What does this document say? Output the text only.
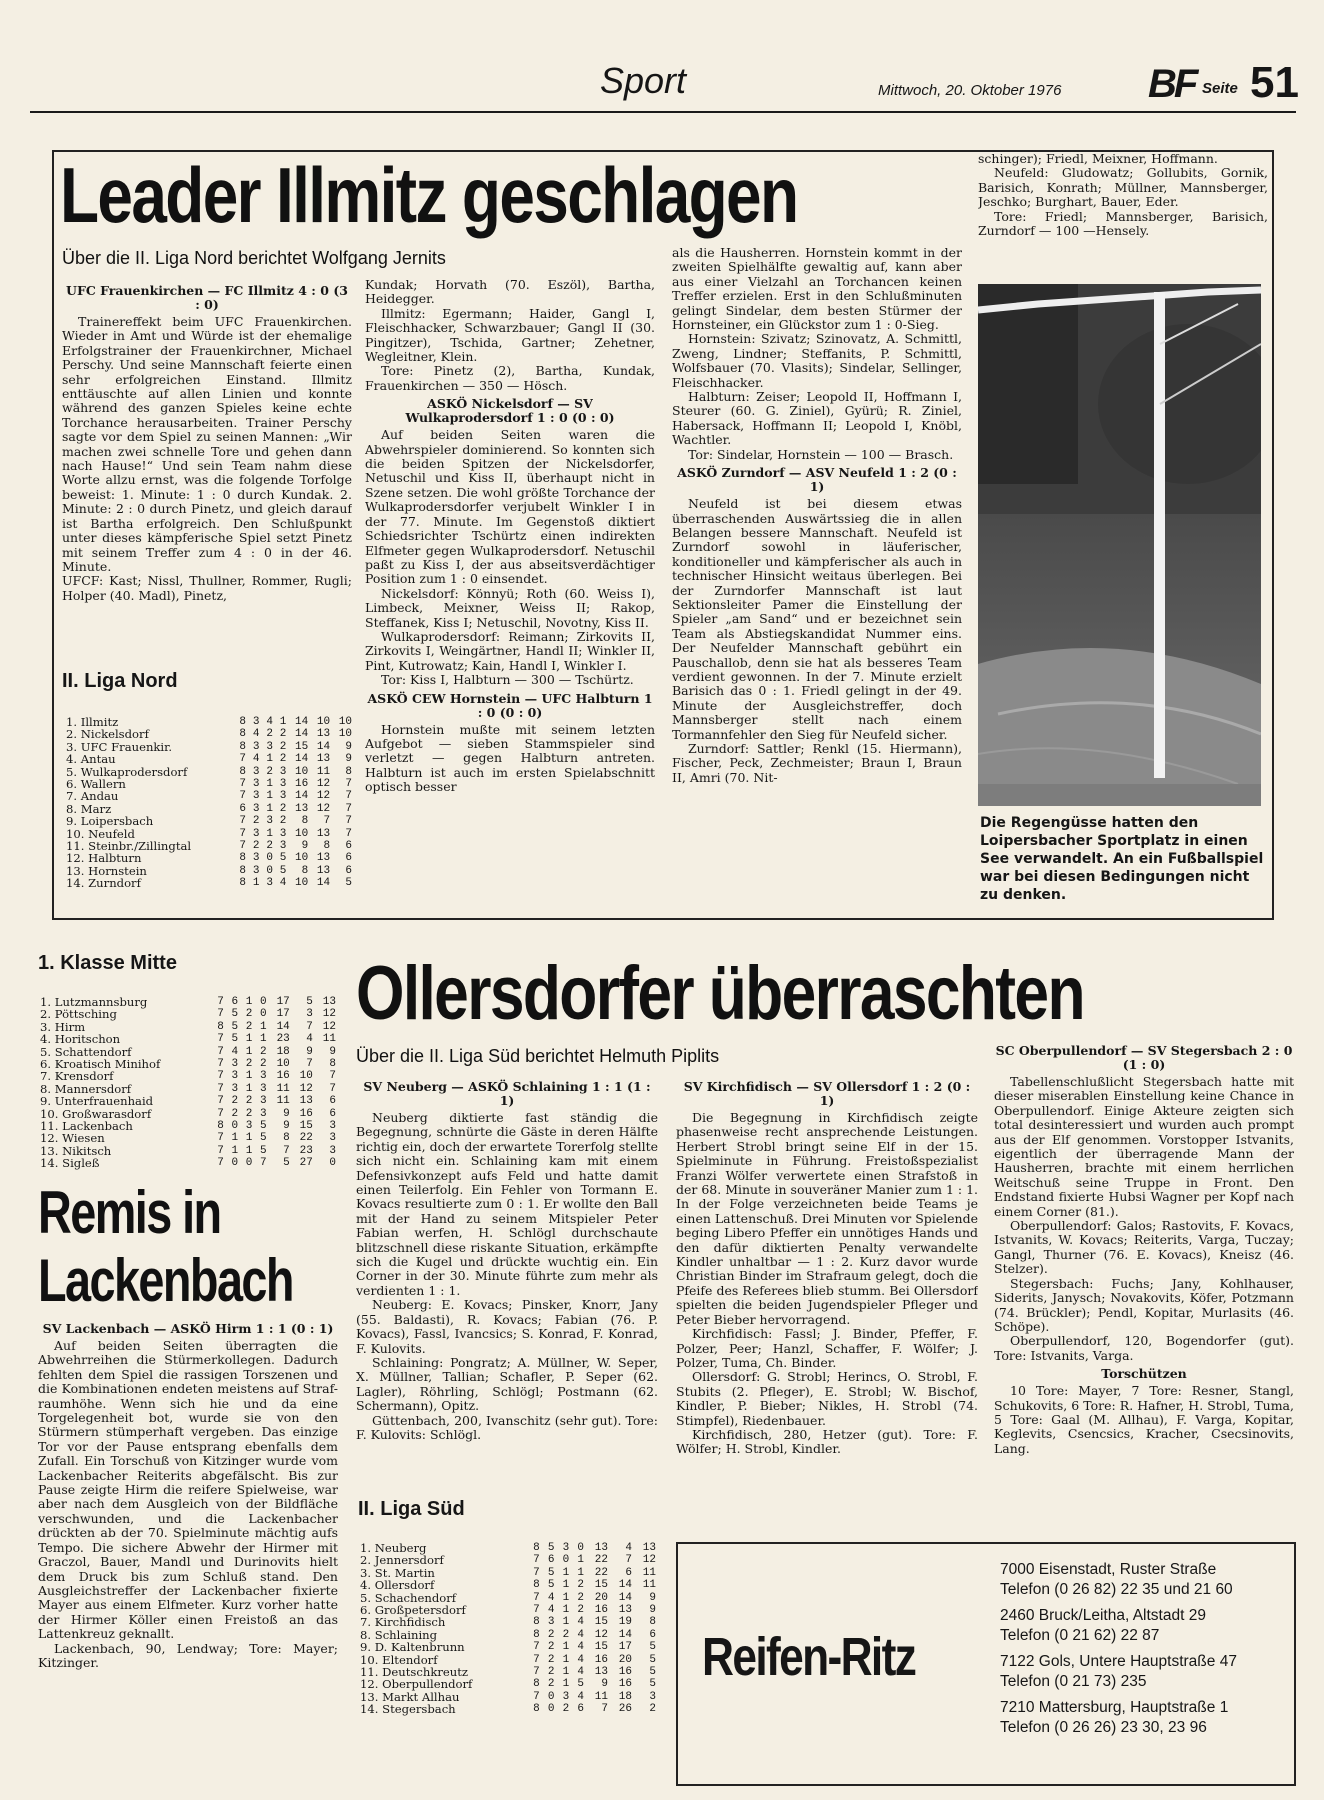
Sport	Mittwoch, 20. Oktober 1976 BF Seite 51
Leader Illmitz geschlagen
Über die II. Liga Nord berichtet Wolfgang Jernits

UFC Frauenkirchen — FC Illmitz 4 : 0 (3 : 0)

Trainereffekt beim UFC Frauenkirchen. Wieder in Amt und Würde ist der ehemalige Erfolgstrainer der Frauenkirchner, Michael Perschy. Und seine Mannschaft feierte einen sehr erfolgreichen Einstand. Illmitz enttäuschte auf allen Linien und konnte während des ganzen Spieles keine echte Torchance herausarbeiten. Trainer Perschy sagte vor dem Spiel zu seinen Mannen: „Wir machen zwei schnelle Tore und gehen dann nach Hause!“ Und sein Team nahm diese Worte allzu ernst, was die folgende Torfolge beweist: 1. Minute: 1 : 0 durch Kundak. 2. Minute: 2 : 0 durch Pinetz, und gleich darauf ist Bartha erfolgreich. Den Schlußpunkt unter dieses kämpferische Spiel setzt Pinetz mit seinem Treffer zum 4 : 0 in der 46. Minute.

UFCF: Kast; Nissl, Thullner, Rommer, Rugli; Holper (40. Madl), Pinetz,

II. Liga Nord
1. Illmitz	8	3	4	1	14	10	10
2. Nickelsdorf	8	4	2	2	14	13	10
3. UFC Frauenkir.	8	3	3	2	15	14	9
4. Antau	7	4	1	2	14	13	9
5. Wulkaprodersdorf	8	3	2	3	10	11	8
6. Wallern	7	3	1	3	16	12	7
7. Andau	7	3	1	3	14	12	7
8. Marz	6	3	1	2	13	12	7
9. Loipersbach	7	2	3	2	8	7	7
10. Neufeld	7	3	1	3	10	13	7
11. Steinbr./Zillingtal	7	2	2	3	9	8	6
12. Halbturn	8	3	0	5	10	13	6
13. Hornstein	8	3	0	5	8	13	6
14. Zurndorf	8	1	3	4	10	14	5

Kundak; Horvath (70. Eszöl), Bartha, Heidegger.

Illmitz: Egermann; Haider, Gangl I, Fleischhacker, Schwarzbauer; Gangl II (30. Pingitzer), Tschida, Gartner; Zehetner, Wegleitner, Klein.

Tore: Pinetz (2), Bartha, Kundak, Frauenkirchen — 350 — Hösch.

ASKÖ Nickelsdorf — SV Wulkaprodersdorf 1 : 0 (0 : 0)

Auf beiden Seiten waren die Abwehrspieler dominierend. So konnten sich die beiden Spitzen der Nickelsdorfer, Netuschil und Kiss II, überhaupt nicht in Szene setzen. Die wohl größte Torchance der Wulkaprodersdorfer verjubelt Winkler I in der 77. Minute. Im Gegenstoß diktiert Schiedsrichter Tschürtz einen indirekten Elfmeter gegen Wulkaprodersdorf. Netuschil paßt zu Kiss I, der aus abseitsverdächtiger Position zum 1 : 0 einsendet.

Nickelsdorf: Könnyü; Roth (60. Weiss I), Limbeck, Meixner, Weiss II; Rakop, Steffanek, Kiss I; Netuschil, Novotny, Kiss II.

Wulkaprodersdorf: Reimann; Zirkovits II, Zirkovits I, Weingärtner, Handl II; Winkler II, Pint, Kutrowatz; Kain, Handl I, Winkler I.

Tor: Kiss I, Halbturn — 300 — Tschürtz.

ASKÖ CEW Hornstein — UFC Halbturn 1 : 0 (0 : 0)

Hornstein mußte mit seinem letzten Aufgebot — sieben Stammspieler sind verletzt — gegen Halbturn antreten. Halbturn ist auch im ersten Spielabschnitt optisch besser

als die Hausherren. Hornstein kommt in der zweiten Spielhälfte gewaltig auf, kann aber aus einer Vielzahl an Torchancen keinen Treffer erzielen. Erst in den Schlußminuten gelingt Sindelar, dem besten Stürmer der Hornsteiner, ein Glückstor zum 1 : 0-Sieg.

Hornstein: Szivatz; Szinovatz, A. Schmittl, Zweng, Lindner; Steffanits, P. Schmittl, Wolfsbauer (70. Vlasits); Sindelar, Sellinger, Fleischhacker.

Halbturn: Zeiser; Leopold II, Hoffmann I, Steurer (60. G. Ziniel), Gyürü; R. Ziniel, Habersack, Hoffmann II; Leopold I, Knöbl, Wachtler.

Tor: Sindelar, Hornstein — 100 — Brasch.

ASKÖ Zurndorf — ASV Neufeld 1 : 2 (0 : 1)

Neufeld ist bei diesem etwas überraschenden Auswärtssieg die in allen Belangen bessere Mannschaft. Neufeld ist Zurndorf sowohl in läuferischer, konditioneller und kämpferischer als auch in technischer Hinsicht weitaus überlegen. Bei der Zurndorfer Mannschaft ist laut Sektionsleiter Pamer die Einstellung der Spieler „am Sand“ und er bezeichnet sein Team als Abstiegskandidat Nummer eins. Der Neufelder Mannschaft gebührt ein Pauschallob, denn sie hat als besseres Team verdient gewonnen. In der 7. Minute erzielt Barisich das 0 : 1. Friedl gelingt in der 49. Minute der Ausgleichstreffer, doch Mannsberger stellt nach einem Tormannfehler den Sieg für Neufeld sicher.

Zurndorf: Sattler; Renkl (15. Hiermann), Fischer, Peck, Zechmeister; Braun I, Braun II, Amri (70. Nit-

schinger); Friedl, Meixner, Hoffmann.

Neufeld: Gludowatz; Gollubits, Gornik, Barisich, Konrath; Müllner, Mannsberger, Jeschko; Burghart, Bauer, Eder.

Tore: Friedl; Mannsberger, Barisich, Zurndorf — 100 —Hensely.

Die Regengüsse hatten den Loipersbacher Sportplatz in einen See verwandelt. An ein Fußballspiel war bei diesen Bedingungen nicht zu denken.
1. Klasse Mitte
1. Lutzmannsburg	7	6	1	0	17	5	13
2. Pöttsching	7	5	2	0	17	3	12
3. Hirm	8	5	2	1	14	7	12
4. Horitschon	7	5	1	1	23	4	11
5. Schattendorf	7	4	1	2	18	9	9
6. Kroatisch Minihof	7	3	2	2	10	7	8
7. Krensdorf	7	3	1	3	16	10	7
8. Mannersdorf	7	3	1	3	11	12	7
9. Unterfrauenhaid	7	2	2	3	11	13	6
10. Großwarasdorf	7	2	2	3	9	16	6
11. Lackenbach	8	0	3	5	9	15	3
12. Wiesen	7	1	1	5	8	22	3
13. Nikitsch	7	1	1	5	7	23	3
14. Sigleß	7	0	0	7	5	27	0
Remis in
Lackenbach

SV Lackenbach — ASKÖ Hirm 1 : 1 (0 : 1)

Auf beiden Seiten überragten die Abwehrreihen die Stürmerkollegen. Dadurch fehlten dem Spiel die rassigen Torszenen und die Kombinationen endeten meistens auf Straf-raumhöhe. Wenn sich hie und da eine Torgelegenheit bot, wurde sie von den Stürmern stümperhaft vergeben. Das einzige Tor vor der Pause entsprang ebenfalls dem Zufall. Ein Torschuß von Kitzinger wurde vom Lackenbacher Reiterits abgefälscht. Bis zur Pause zeigte Hirm die reifere Spielweise, war aber nach dem Ausgleich von der Bildfläche verschwunden, und die Lackenbacher drückten ab der 70. Spielminute mächtig aufs Tempo. Die sichere Abwehr der Hirmer mit Graczol, Bauer, Mandl und Durinovits hielt dem Druck bis zum Schluß stand. Den Ausgleichstreffer der Lackenbacher fixierte Mayer aus einem Elfmeter. Kurz vorher hatte der Hirmer Köller einen Freistoß an das Lattenkreuz geknallt.

Lackenbach, 90, Lendway; Tore: Mayer; Kitzinger.

Ollersdorfer überraschten
Über die II. Liga Süd berichtet Helmuth Piplits

SV Neuberg — ASKÖ Schlaining 1 : 1 (1 : 1)

Neuberg diktierte fast ständig die Begegnung, schnürte die Gäste in deren Hälfte richtig ein, doch der erwartete Torerfolg stellte sich nicht ein. Schlaining kam mit einem Defensivkonzept aufs Feld und hatte damit einen Teilerfolg. Ein Fehler von Tormann E. Kovacs resultierte zum 0 : 1. Er wollte den Ball mit der Hand zu seinem Mitspieler Peter Fabian werfen, H. Schlögl durchschaute blitzschnell diese riskante Situation, erkämpfte sich die Kugel und drückte wuchtig ein. Ein Corner in der 30. Minute führte zum mehr als verdienten 1 : 1.

Neuberg: E. Kovacs; Pinsker, Knorr, Jany (55. Baldasti), R. Kovacs; Fabian (76. P. Kovacs), Fassl, Ivancsics; S. Konrad, F. Konrad, F. Kulovits.

Schlaining: Pongratz; A. Müllner, W. Seper, X. Müllner, Tallian; Schafler, P. Seper (62. Lagler), Röhrling, Schlögl; Postmann (62. Schermann), Opitz.

Güttenbach, 200, Ivanschitz (sehr gut). Tore: F. Kulovits: Schlögl.

II. Liga Süd
1. Neuberg	8	5	3	0	13	4	13
2. Jennersdorf	7	6	0	1	22	7	12
3. St. Martin	7	5	1	1	22	6	11
4. Ollersdorf	8	5	1	2	15	14	11
5. Schachendorf	7	4	1	2	20	14	9
6. Großpetersdorf	7	4	1	2	16	13	9
7. Kirchfidisch	8	3	1	4	15	19	8
8. Schlaining	8	2	2	4	12	14	6
9. D. Kaltenbrunn	7	2	1	4	15	17	5
10. Eltendorf	7	2	1	4	16	20	5
11. Deutschkreutz	7	2	1	4	13	16	5
12. Oberpullendorf	8	2	1	5	9	16	5
13. Markt Allhau	7	0	3	4	11	18	3
14. Stegersbach	8	0	2	6	7	26	2

SV Kirchfidisch — SV Ollersdorf 1 : 2 (0 : 1)

Die Begegnung in Kirchfidisch zeigte phasenweise recht ansprechende Leistungen. Herbert Strobl bringt seine Elf in der 15. Spielminute in Führung. Freistoßspezialist Franzi Wölfer verwertete einen Strafstoß in der 68. Minute in souveräner Manier zum 1 : 1. In der Folge verzeichneten beide Teams je einen Lattenschuß. Drei Minuten vor Spielende beging Libero Pfeffer ein unnötiges Hands und den dafür diktierten Penalty verwandelte Kindler unhaltbar — 1 : 2. Kurz davor wurde Christian Binder im Strafraum gelegt, doch die Pfeife des Referees blieb stumm. Bei Ollersdorf spielten die beiden Jugendspieler Pfleger und Peter Bieber hervorragend.

Kirchfidisch: Fassl; J. Binder, Pfeffer, F. Polzer, Peer; Hanzl, Schaffer, F. Wölfer; J. Polzer, Tuma, Ch. Binder.

Ollersdorf: G. Strobl; Herincs, O. Strobl, F. Stubits (2. Pfleger), E. Strobl; W. Bischof, Kindler, P. Bieber; Nikles, H. Strobl (74. Stimpfel), Riedenbauer.

Kirchfidisch, 280, Hetzer (gut). Tore: F. Wölfer; H. Strobl, Kindler.

SC Oberpullendorf — SV Stegersbach 2 : 0 (1 : 0)

Tabellenschlußlicht Stegersbach hatte mit dieser miserablen Einstellung keine Chance in Oberpullendorf. Einige Akteure zeigten sich total desinteressiert und wurden auch prompt aus der Elf genommen. Vorstopper Istvanits, eigentlich der überragende Mann der Hausherren, brachte mit einem herrlichen Weitschuß seine Truppe in Front. Den Endstand fixierte Hubsi Wagner per Kopf nach einem Corner (81.).

Oberpullendorf: Galos; Rastovits, F. Kovacs, Istvanits, W. Kovacs; Reiterits, Varga, Tuczay; Gangl, Thurner (76. E. Kovacs), Kneisz (46. Stelzer).

Stegersbach: Fuchs; Jany, Kohlhauser, Siderits, Janysch; Novakovits, Köfer, Potzmann (74. Brückler); Pendl, Kopitar, Murlasits (46. Schöpe).

Oberpullendorf, 120, Bogendorfer (gut). Tore: Istvanits, Varga.

Torschützen

10 Tore: Mayer, 7 Tore: Resner, Stangl, Schukovits, 6 Tore: R. Hafner, H. Strobl, Tuma, 5 Tore: Gaal (M. Allhau), F. Varga, Kopitar, Keglevits, Csencsics, Kracher, Csecsinovits, Lang.

Reifen-Ritz
7000 Eisenstadt, Ruster Straße
Telefon (0 26 82) 22 35 und 21 60
2460 Bruck/Leitha, Altstadt 29
Telefon (0 21 62) 22 87
7122 Gols, Untere Hauptstraße 47
Telefon (0 21 73) 235
7210 Mattersburg, Hauptstraße 1
Telefon (0 26 26) 23 30, 23 96
